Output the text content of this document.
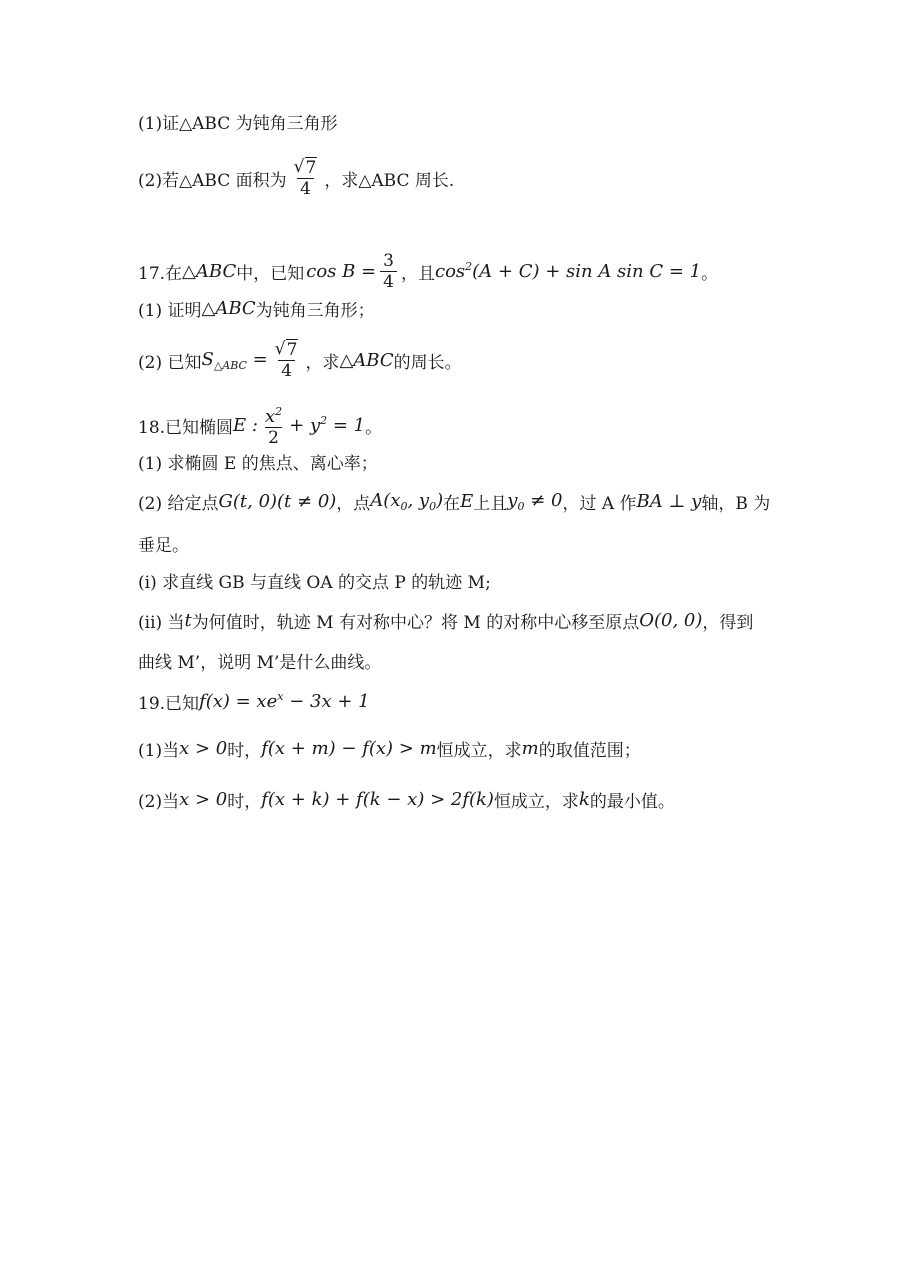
(1)证△ABC 为钝角三角形
(2)若△ABC 面积为 $\frac{√ 7}{4}$ ，求△ABC 周长.
17.在 △ABC 中，已知 $\cos B = \frac{3}{4}$ ，且 $\cos^2(A + C) + \sin A$ sin C = 1 。
(1) 证明 △ABC 为钝角三角形；
(2) 已知 $S_{\triangle ABC} = \frac{√ 7}{4}$ ，求 △ABC 的周长。
18.已知椭圆 E : $\frac{x^2}{2} + y^2 = 1$ 。
(1) 求椭圆 E 的焦点、离心率；
(2) 给定点 G(t, 0)(t ≠ 0) ，点 $A(x_0$, $y_0$) 在 E 上且 $y_0 \ne 0$ ，过 A 作 BA ⊥ y 轴，B 为
垂足。
(i) 求直线 GB 与直线 OA 的交点 P 的轨迹 M;
(ii) 当 t 为何值时，轨迹 M 有对称中心？将 M 的对称中心移至原点 O(0, 0) ，得到
曲线 M’，说明 M’是什么曲线。
19.已知 $f(x) = xe^x - 3x + 1$
(1)当 x > 0 时， f(x + m) − f(x) > m 恒成立，求 m 的取值范围；
(2)当 x > 0 时， f(x + k) + f(k − x) > 2f(k) 恒成立，求 k 的最小值。
